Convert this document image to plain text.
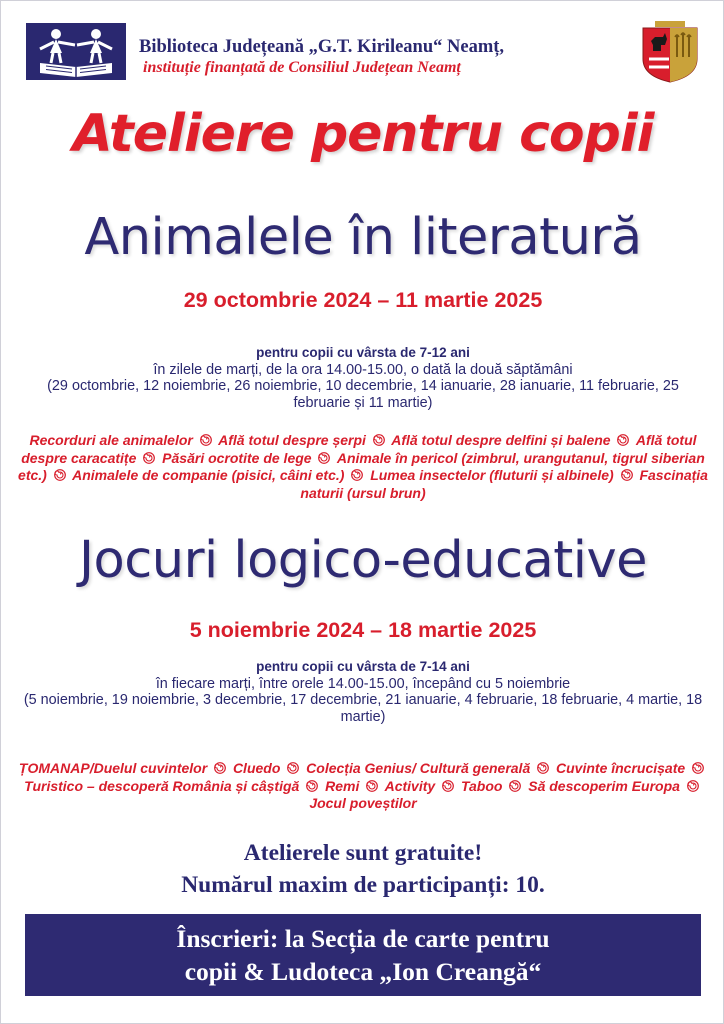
Biblioteca Județeană „G.T. Kirileanu“ Neamț,
instituție finanțată de Consiliul Județean Neamț
Ateliere pentru copii
Animalele în literatură
29 octombrie 2024 – 11 martie 2025
pentru copii cu vârsta de 7-12 ani
în zilele de marți, de la ora 14.00-15.00, o dată la două săptămâni
(29 octombrie, 12 noiembrie, 26 noiembrie, 10 decembrie, 14 ianuarie, 28 ianuarie, 11 februarie, 25 februarie și 11 martie)
Recorduri ale animalelor Află totul despre șerpi Află totul despre delfini și balene Află totul despre caracatițe Păsări ocrotite de lege Animale în pericol (zimbrul, urangutanul, tigrul siberian etc.) Animalele de companie (pisici, câini etc.) Lumea insectelor (fluturii și albinele) Fascinația naturii (ursul brun)
Jocuri logico-educative
5 noiembrie 2024 – 18 martie 2025
pentru copii cu vârsta de 7-14 ani
în fiecare marți, între orele 14.00-15.00, începând cu 5 noiembrie
(5 noiembrie, 19 noiembrie, 3 decembrie, 17 decembrie, 21 ianuarie, 4 februarie, 18 februarie, 4 martie, 18 martie)
ȚOMANAP/Duelul cuvintelor Cluedo Colecția Genius/ Cultură generală Cuvinte încrucișate  Turistico – descoperă România și câștigă Remi Activity Taboo Să descoperim Europa  Jocul poveștilor
Atelierele sunt gratuite!
Numărul maxim de participanți: 10.
Înscrieri: la Secția de carte pentru
copii & Ludoteca „Ion Creangă“
